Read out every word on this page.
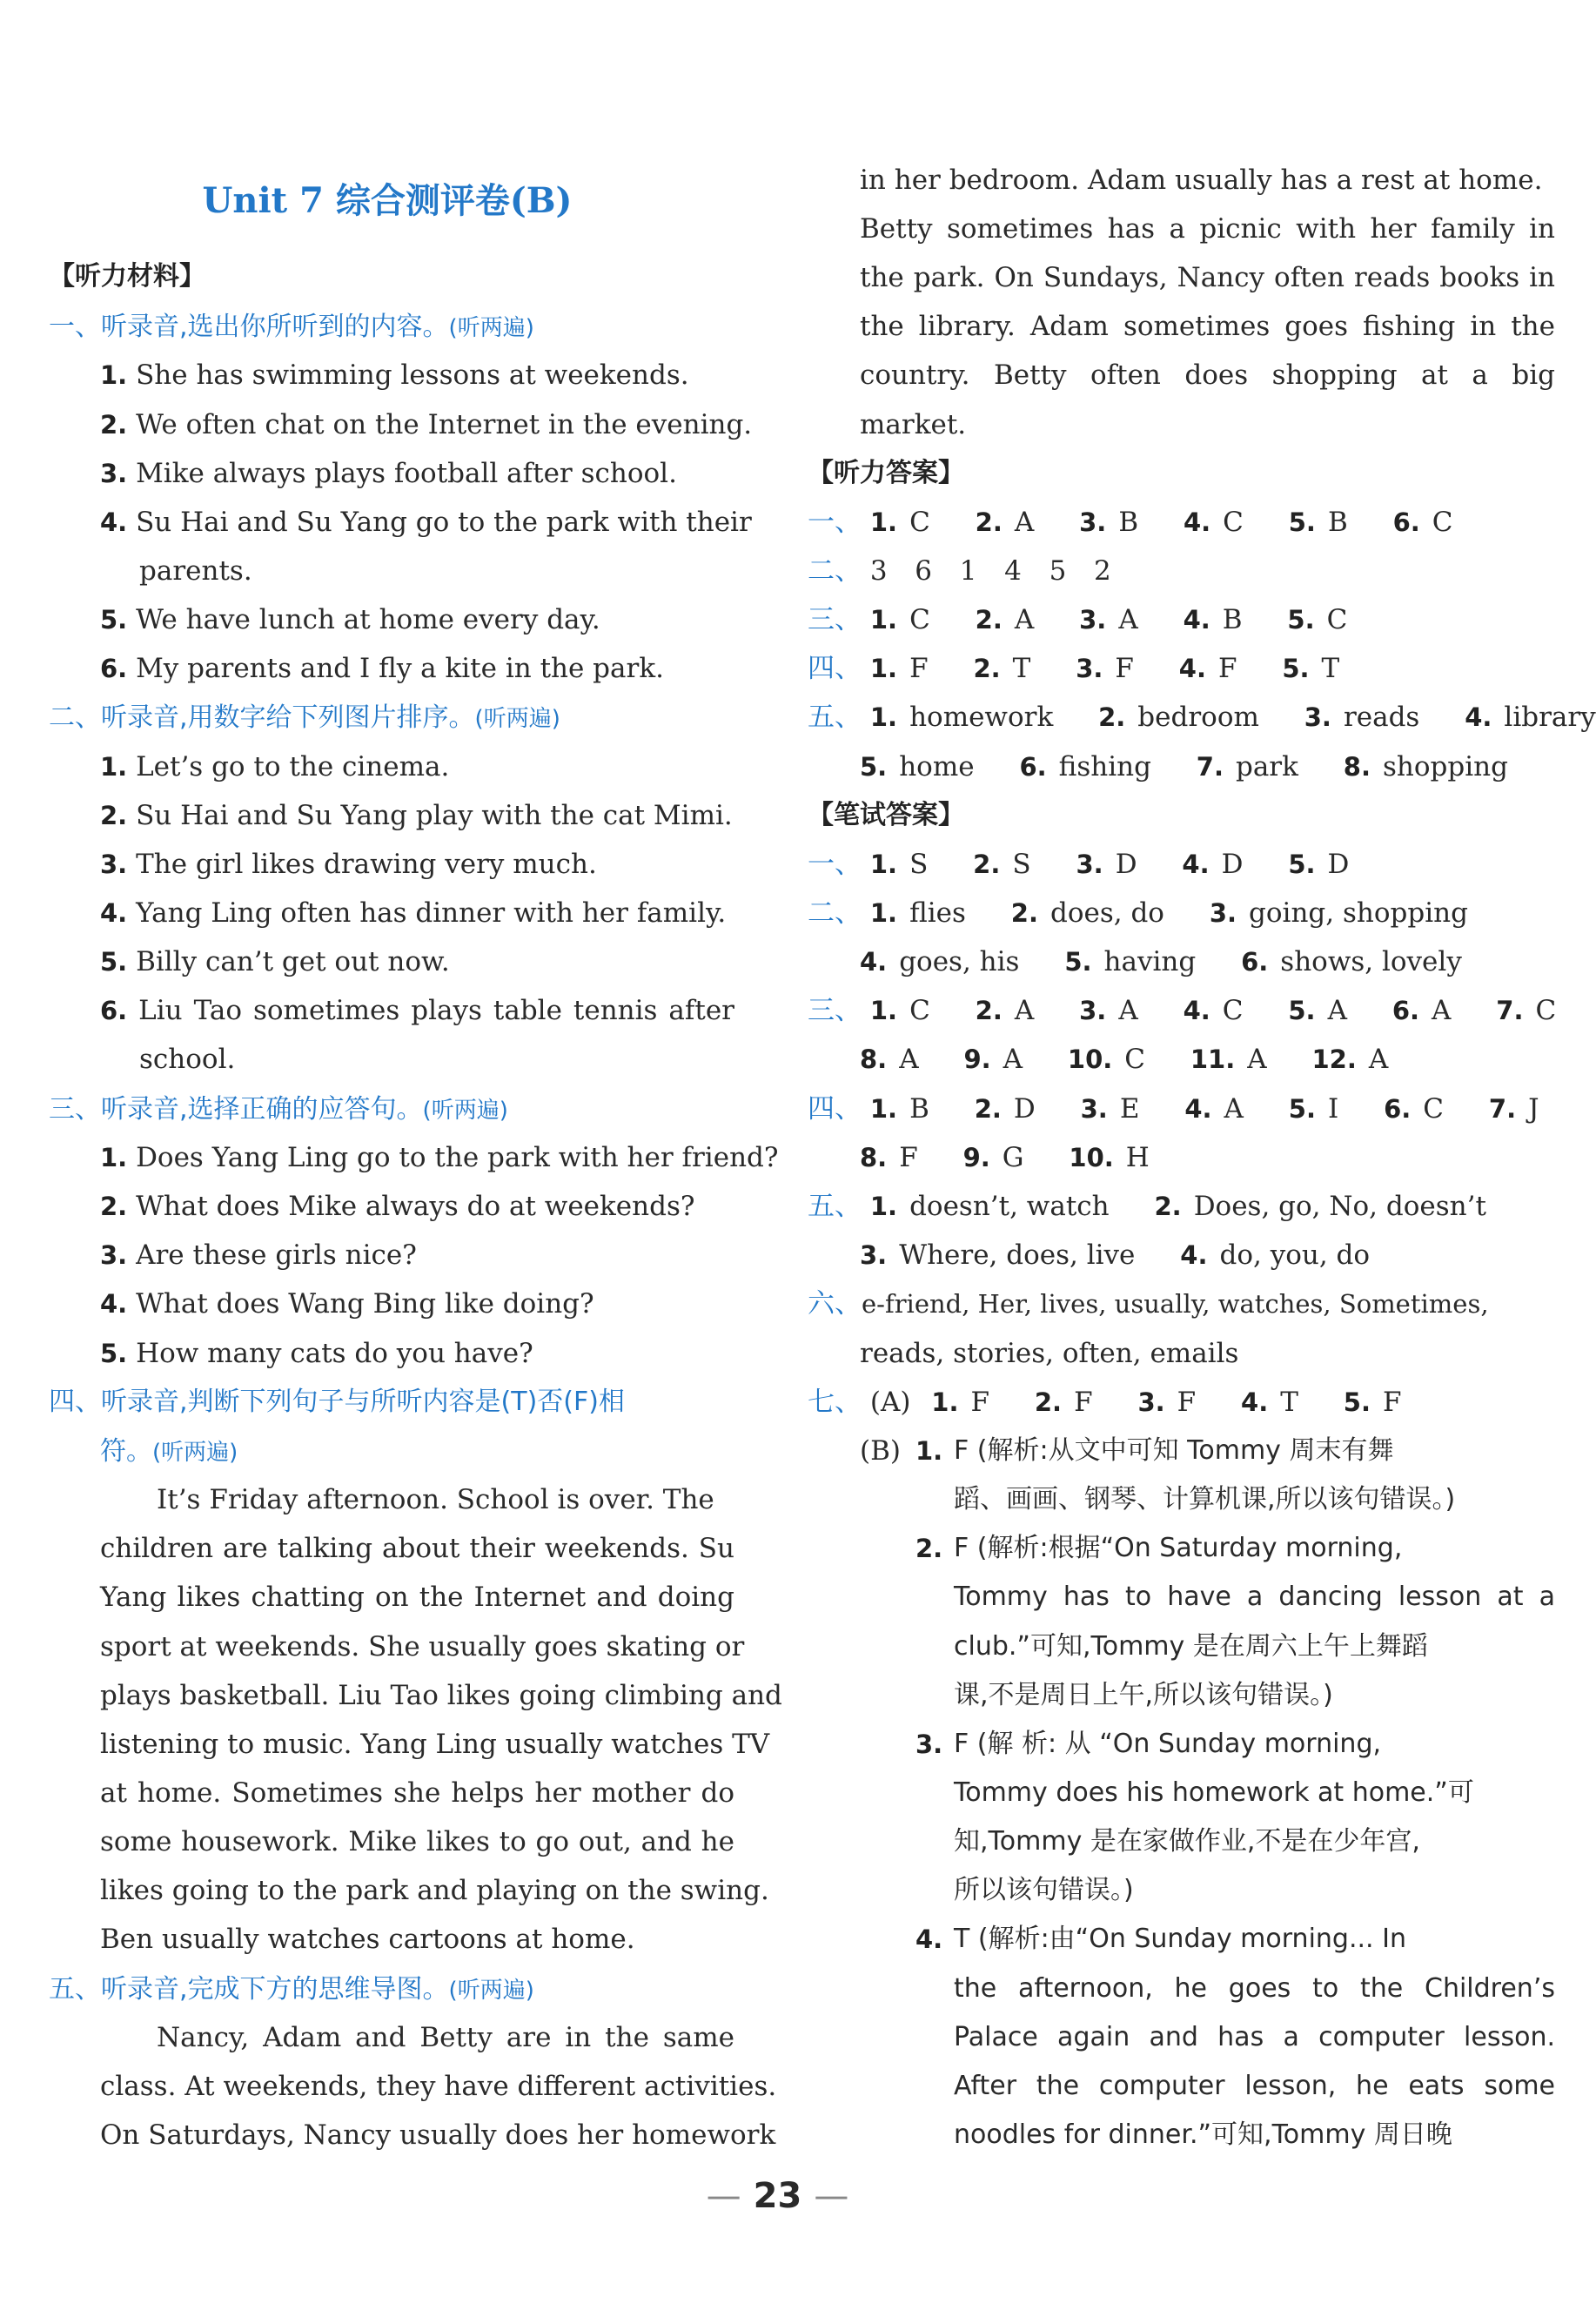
Unit 7 综合测评卷(B)
【听力材料】
一、听录音,选出你所听到的内容。(听两遍)
1. She has swimming lessons at weekends.
2. We often chat on the Internet in the evening.
3. Mike always plays football after school.
4. Su Hai and Su Yang go to the park with their
parents.
5. We have lunch at home every day.
6. My parents and I fly a kite in the park.
二、听录音,用数字给下列图片排序。(听两遍)
1. Let’s go to the cinema.
2. Su Hai and Su Yang play with the cat Mimi.
3. The girl likes drawing very much.
4. Yang Ling often has dinner with her family.
5. Billy can’t get out now.
6. Liu Tao sometimes plays table tennis after
school.
三、听录音,选择正确的应答句。(听两遍)
1. Does Yang Ling go to the park with her friend?
2. What does Mike always do at weekends?
3. Are these girls nice?
4. What does Wang Bing like doing?
5. How many cats do you have?
四、听录音,判断下列句子与所听内容是(T)否(F)相
符。(听两遍)
It’s Friday afternoon. School is over. The
children are talking about their weekends. Su
Yang likes chatting on the Internet and doing
sport at weekends. She usually goes skating or
plays basketball. Liu Tao likes going climbing and
listening to music. Yang Ling usually watches TV
at home. Sometimes she helps her mother do
some housework. Mike likes to go out, and he
likes going to the park and playing on the swing.
Ben usually watches cartoons at home.
五、听录音,完成下方的思维导图。(听两遍)
Nancy, Adam and Betty are in the same
class. At weekends, they have different activities.
On Saturdays, Nancy usually does her homework
in her bedroom. Adam usually has a rest at home.
Betty sometimes has a picnic with her family in
the park. On Sundays, Nancy often reads books in
the library. Adam sometimes goes fishing in the
country. Betty often does shopping at a big
market.
【听力答案】
一、 1. C 2. A 3. B 4. C 5. B 6. C
二、 3  6  1  4  5  2
三、 1. C 2. A 3. A 4. B 5. C
四、 1. F 2. T 3. F 4. F 5. T
五、 1. homework 2. bedroom 3. reads 4. library
5. home 6. fishing 7. park 8. shopping
【笔试答案】
一、 1. S 2. S 3. D 4. D 5. D
二、 1. flies 2. does, do 3. going, shopping
4. goes, his 5. having 6. shows, lovely
三、 1. C 2. A 3. A 4. C 5. A 6. A 7. C
8. A 9. A 10. C 11. A 12. A
四、 1. B 2. D 3. E 4. A 5. I 6. C 7. J
8. F 9. G 10. H
五、 1. doesn’t, watch 2. Does, go, No, doesn’t
3. Where, does, live 4. do, you, do
六、e-friend, Her, lives, usually, watches, Sometimes,
reads, stories, often, emails
七、 (A) 1. F 2. F 3. F 4. T 5. F
(B) 1. F (解析:从文中可知 Tommy 周末有舞
蹈、画画、钢琴、计算机课,所以该句错误。)
2. F (解析:根据“On Saturday morning,
Tommy has to have a dancing lesson at a
club.”可知,Tommy 是在周六上午上舞蹈
课,不是周日上午,所以该句错误。)
3. F (解 析: 从 “On Sunday morning,
Tommy does his homework at home.”可
知,Tommy 是在家做作业,不是在少年宫,
所以该句错误。)
4. T (解析:由“On Sunday morning... In
the afternoon, he goes to the Children’s
Palace again and has a computer lesson.
After the computer lesson, he eats some
noodles for dinner.”可知,Tommy 周日晚
— 23 —
